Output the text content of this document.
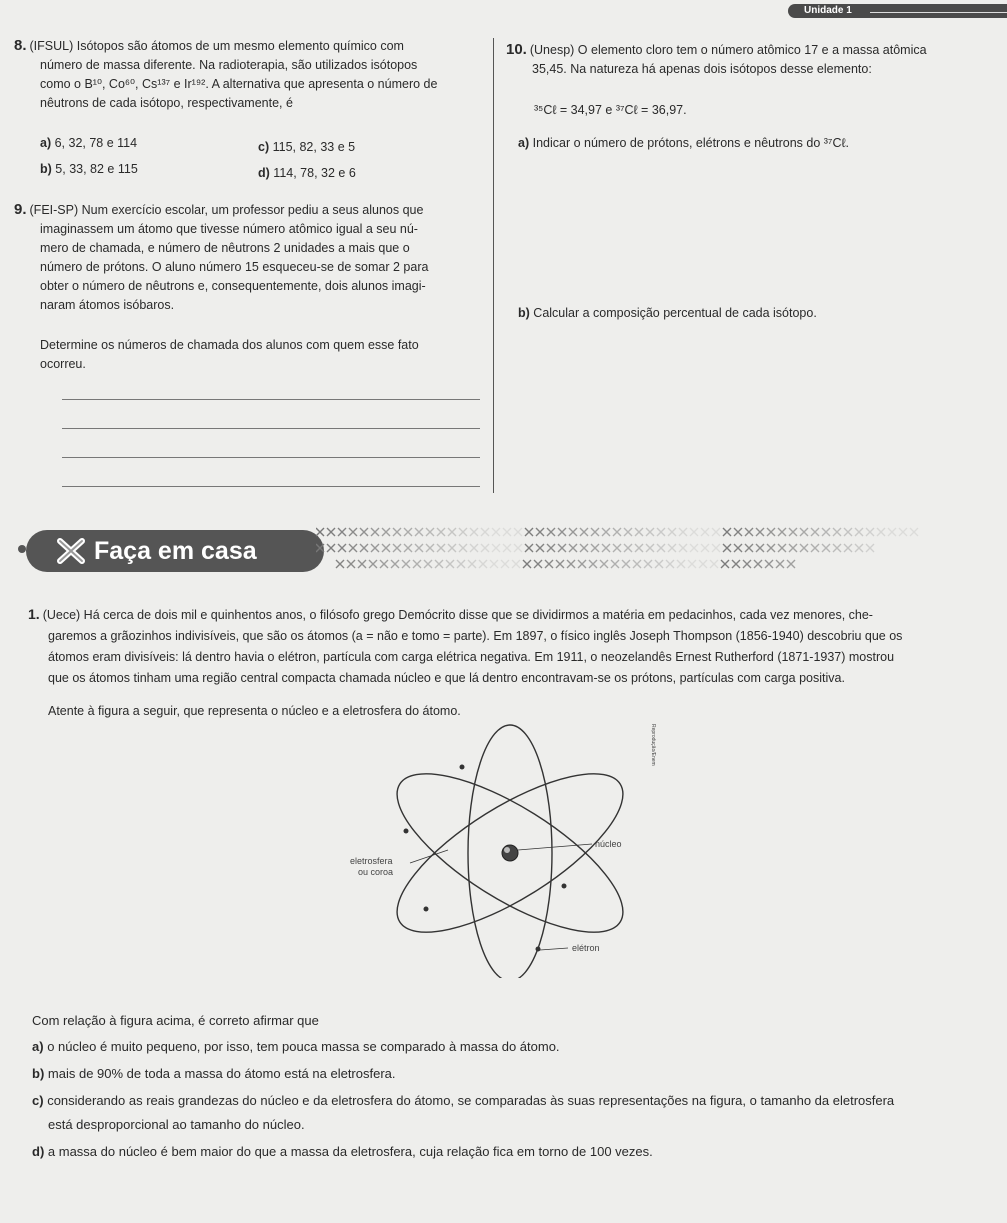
Unidade 1

8. (IFSUL) Isótopos são átomos de um mesmo elemento químico com

número de massa diferente. Na radioterapia, são utilizados isótopos

como o B¹⁰, Co⁶⁰, Cs¹³⁷ e Ir¹⁹². A alternativa que apresenta o número de

nêutrons de cada isótopo, respectivamente, é

a) 6, 32, 78 e 114
b) 5, 33, 82 e 115
c) 115, 82, 33 e 5
d) 114, 78, 32 e 6

9. (FEI-SP) Num exercício escolar, um professor pediu a seus alunos que

imaginassem um átomo que tivesse número atômico igual a seu nú-

mero de chamada, e número de nêutrons 2 unidades a mais que o

número de prótons. O aluno número 15 esqueceu-se de somar 2 para

obter o número de nêutrons e, consequentemente, dois alunos imagi-

naram átomos isóbaros.

Determine os números de chamada dos alunos com quem esse fato

ocorreu.

10. (Unesp) O elemento cloro tem o número atômico 17 e a massa atômica

35,45. Na natureza há apenas dois isótopos desse elemento:

³⁵Cℓ = 34,97 e ³⁷Cℓ = 36,97.
a) Indicar o número de prótons, elétrons e nêutrons do ³⁷Cℓ.
b) Calcular a composição percentual de cada isótopo.
Faça em casa

1. (Uece) Há cerca de dois mil e quinhentos anos, o filósofo grego Demócrito disse que se dividirmos a matéria em pedacinhos, cada vez menores, che-

garemos a grãozinhos indivisíveis, que são os átomos (a = não e tomo = parte). Em 1897, o físico inglês Joseph Thompson (1856-1940) descobriu que os

átomos eram divisíveis: lá dentro havia o elétron, partícula com carga elétrica negativa. Em 1911, o neozelandês Ernest Rutherford (1871-1937) mostrou

que os átomos tinham uma região central compacta chamada núcleo e que lá dentro encontravam-se os prótons, partículas com carga positiva.

Atente à figura a seguir, que representa o núcleo e a eletrosfera do átomo.
núcleo
eletrosfera
ou coroa
elétron
Reprodução/Enem
Com relação à figura acima, é correto afirmar que
a) o núcleo é muito pequeno, por isso, tem pouca massa se comparado à massa do átomo.
b) mais de 90% de toda a massa do átomo está na eletrosfera.
c) considerando as reais grandezas do núcleo e da eletrosfera do átomo, se comparadas às suas representações na figura, o tamanho da eletrosfera
está desproporcional ao tamanho do núcleo.
d) a massa do núcleo é bem maior do que a massa da eletrosfera, cuja relação fica em torno de 100 vezes.
